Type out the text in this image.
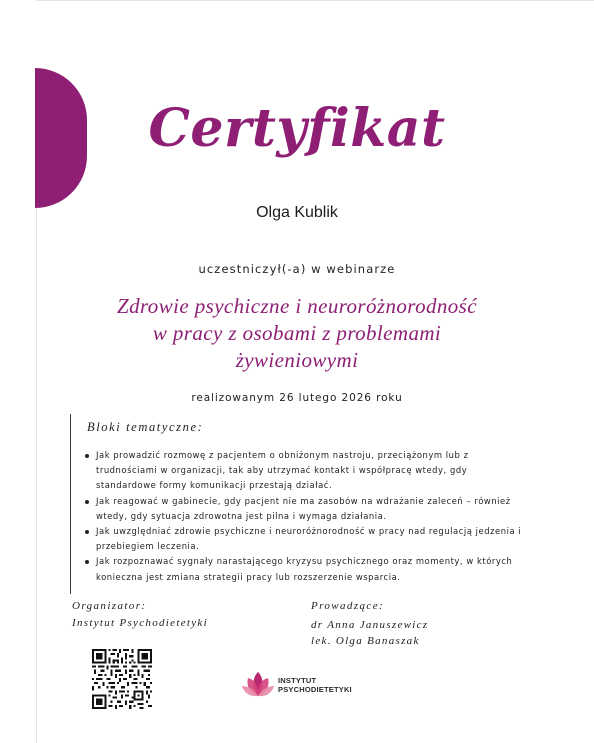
Certyfikat
Olga Kublik
uczestniczył(-a) w webinarze
Zdrowie psychiczne i neuroróżnorodność
w pracy z osobami z problemami
żywieniowymi
realizowanym 26 lutego 2026 roku
Bloki tematyczne:
Jak prowadzić rozmowę z pacjentem o obniżonym nastroju, przeciążonym lub z trudnościami w organizacji, tak aby utrzymać kontakt i współpracę wtedy, gdy standardowe formy komunikacji przestają działać.
Jak reagować w gabinecie, gdy pacjent nie ma zasobów na wdrażanie zaleceń – również wtedy, gdy sytuacja zdrowotna jest pilna i wymaga działania.
Jak uwzględniać zdrowie psychiczne i neuroróżnorodność w pracy nad regulacją jedzenia i przebiegiem leczenia.
Jak rozpoznawać sygnały narastającego kryzysu psychicznego oraz momenty, w których konieczna jest zmiana strategii pracy lub rozszerzenie wsparcia.
Organizator:
Instytut Psychodietetyki
Prowadzące:
dr Anna Januszewicz
lek. Olga Banaszak
INSTYTUT
PSYCHODIETETYKI
